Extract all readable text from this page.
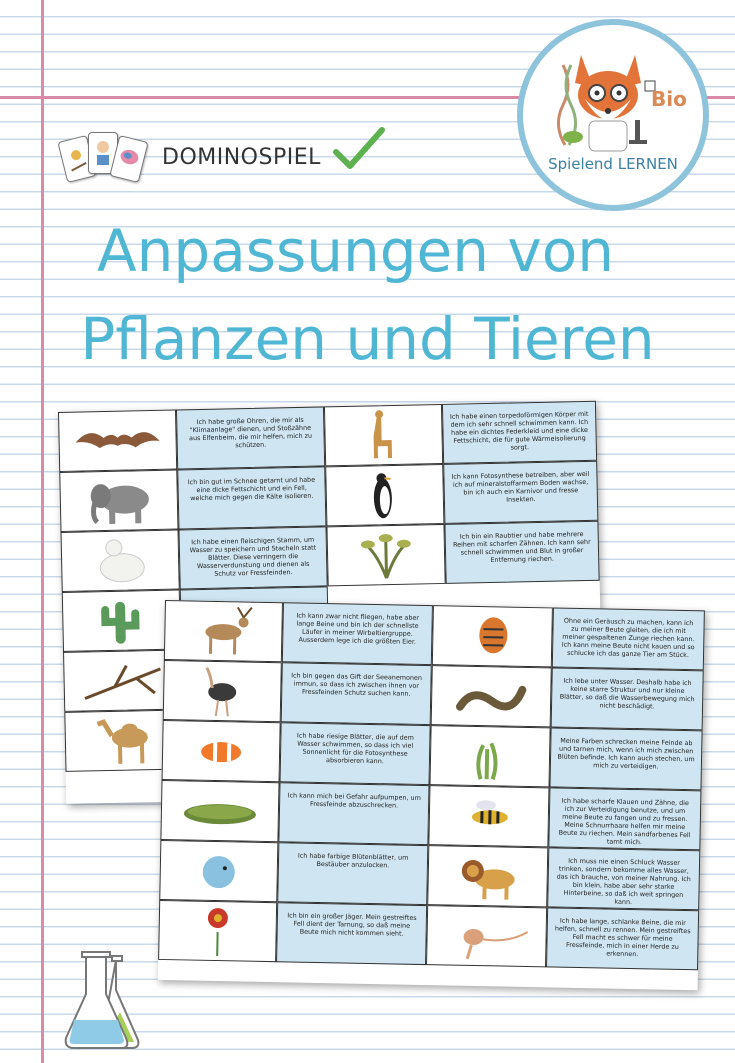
DOMINOSPIEL
Bio
Spielend LERNEN
Anpassungen von
Pflanzen und Tieren
Ich habe große Ohren, die mir als "Klimaanlage" dienen, und Stoßzähne aus Elfenbeim, die mir helfen, mich zu schützen.
Ich habe einen torpedoförmigen Körper mit dem ich sehr schnell schwimmen kann. Ich habe ein dichtes Federkleid und eine dicke Fettschicht, die für gute Wärmeisolierung sorgt.
Ich bin gut im Schnee getarnt und habe eine dicke Fettschicht und ein Fell, welche mich gegen die Kälte isolieren.
Ich kann Fotosynthese betreiben, aber weil ich auf mineralstoffarmem Boden wachse, bin ich auch ein Karnivor und fresse Insekten.
Ich habe einen fleischigen Stamm, um Wasser zu speichern und Stacheln statt Blätter. Diese verringern die Wasserverdunstung und dienen als Schutz vor Fressfeinden.
Ich bin ein Raubtier und habe mehrere Reihen mit scharfen Zähnen. Ich kann sehr schnell schwimmen und Blut in großer Entfernung riechen.
Ich kann zwar nicht fliegen, habe aber lange Beine und bin ich der schnellste Läufer in meiner Wirbeltiergruppe. Ausserdem lege ich die größten Eier.
Ohne ein Geräusch zu machen, kann ich zu meiner Beute gleiten, die ich mit meiner gespaltenen Zunge riechen kann. Ich kann meine Beute nicht kauen und so schlucke ich das ganze Tier am Stück.
Ich bin gegen das Gift der Seeanemonen immun, so dass ich zwischen ihnen vor Fressfeinden Schutz suchen kann.
Ich lebe unter Wasser. Deshalb habe ich keine starre Struktur und nur kleine Blätter, so daß die Wasserbewegung mich nicht beschädigt.
Ich habe riesige Blätter, die auf dem Wasser schwimmen, so dass ich viel Sonnenlicht für die Fotosynthese absorbieren kann.
Meine Farben schrecken meine Feinde ab und tarnen mich, wenn ich mich zwischen Blüten befinde. Ich kann auch stechen, um mich zu verteidigen.
Ich kann mich bei Gefahr aufpumpen, um Fressfeinde abzuschrecken.	Ich habe scharfe Klauen und Zähne, die ich zur Verteidigung benutze, und um meine Beute zu fangen und zu fressen. Meine Schnurrhaare helfen mir meine Beute zu riechen. Mein sandfarbenes Fell tarnt mich.
Ich habe farbige Blütenblätter, um Bestäuber anzulocken.	Ich muss nie einen Schluck Wasser trinken, sondern bekomme alles Wasser, das ich brauche, von meiner Nahrung. Ich bin klein, habe aber sehr starke Hinterbeine, so daß ich weit springen kann.
Ich bin ein großer Jäger. Mein gestreiftes Fell dient der Tarnung, so daß meine Beute mich nicht kommen sieht.
Ich habe lange, schlanke Beine, die mir helfen, schnell zu rennen. Mein gestreiftes Fell macht es schwer für meine Fressfeinde, mich in einer Herde zu erkennen.
